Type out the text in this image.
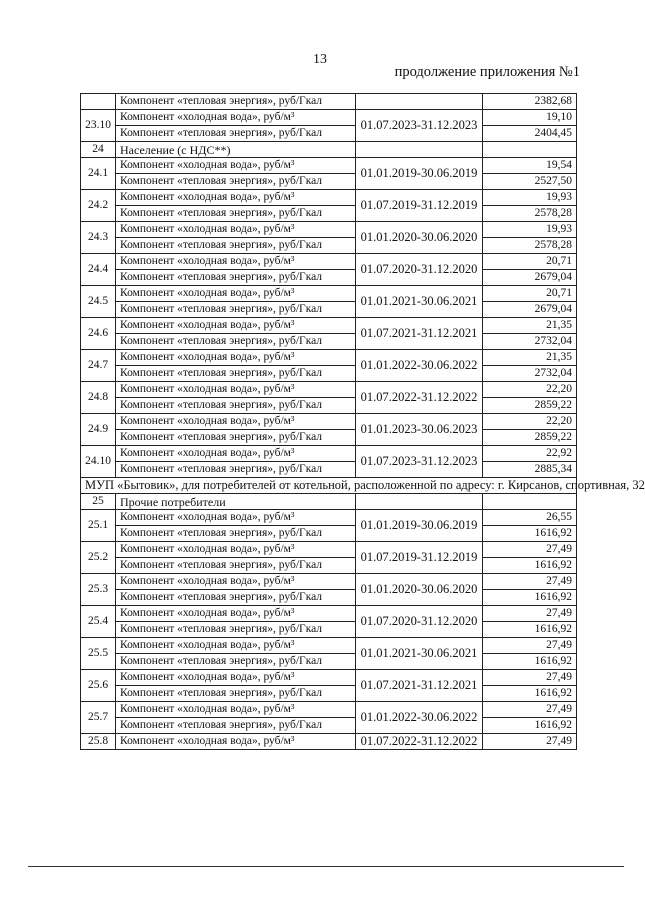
13
продолжение приложения №1
	Компонент «тепловая энергия», руб/Гкал		2382,68
23.10	Компонент «холодная вода», руб/м³	01.07.2023-31.12.2023	19,10
	Компонент «тепловая энергия», руб/Гкал		2404,45
24	Население (с НДС**)		
24.1	Компонент «холодная вода», руб/м³	01.01.2019-30.06.2019	19,54
	Компонент «тепловая энергия», руб/Гкал		2527,50
24.2	Компонент «холодная вода», руб/м³	01.07.2019-31.12.2019	19,93
	Компонент «тепловая энергия», руб/Гкал		2578,28
24.3	Компонент «холодная вода», руб/м³	01.01.2020-30.06.2020	19,93
	Компонент «тепловая энергия», руб/Гкал		2578,28
24.4	Компонент «холодная вода», руб/м³	01.07.2020-31.12.2020	20,71
	Компонент «тепловая энергия», руб/Гкал		2679,04
24.5	Компонент «холодная вода», руб/м³	01.01.2021-30.06.2021	20,71
	Компонент «тепловая энергия», руб/Гкал		2679,04
24.6	Компонент «холодная вода», руб/м³	01.07.2021-31.12.2021	21,35
	Компонент «тепловая энергия», руб/Гкал		2732,04
24.7	Компонент «холодная вода», руб/м³	01.01.2022-30.06.2022	21,35
	Компонент «тепловая энергия», руб/Гкал		2732,04
24.8	Компонент «холодная вода», руб/м³	01.07.2022-31.12.2022	22,20
	Компонент «тепловая энергия», руб/Гкал		2859,22
24.9	Компонент «холодная вода», руб/м³	01.01.2023-30.06.2023	22,20
	Компонент «тепловая энергия», руб/Гкал		2859,22
24.10	Компонент «холодная вода», руб/м³	01.07.2023-31.12.2023	22,92
	Компонент «тепловая энергия», руб/Гкал		2885,34
МУП «Бытовик», для потребителей от котельной, расположенной по адресу: г. Кирсанов, спортивная, 32			
25	Прочие потребители		
25.1	Компонент «холодная вода», руб/м³	01.01.2019-30.06.2019	26,55
	Компонент «тепловая энергия», руб/Гкал		1616,92
25.2	Компонент «холодная вода», руб/м³	01.07.2019-31.12.2019	27,49
	Компонент «тепловая энергия», руб/Гкал		1616,92
25.3	Компонент «холодная вода», руб/м³	01.01.2020-30.06.2020	27,49
	Компонент «тепловая энергия», руб/Гкал		1616,92
25.4	Компонент «холодная вода», руб/м³	01.07.2020-31.12.2020	27,49
	Компонент «тепловая энергия», руб/Гкал		1616,92
25.5	Компонент «холодная вода», руб/м³	01.01.2021-30.06.2021	27,49
	Компонент «тепловая энергия», руб/Гкал		1616,92
25.6	Компонент «холодная вода», руб/м³	01.07.2021-31.12.2021	27,49
	Компонент «тепловая энергия», руб/Гкал		1616,92
25.7	Компонент «холодная вода», руб/м³	01.01.2022-30.06.2022	27,49
	Компонент «тепловая энергия», руб/Гкал		1616,92
25.8	Компонент «холодная вода», руб/м³	01.07.2022-31.12.2022	27,49
